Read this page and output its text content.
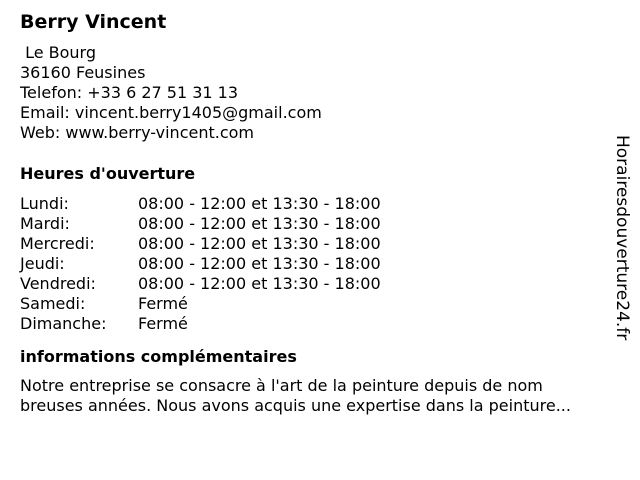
Berry Vincent
Le Bourg
36160 Feusines
Telefon: +33 6 27 51 31 13
Email: vincent.berry1405@gmail.com
Web: www.berry-vincent.com
Heures d'ouverture
Lundi:	08:00 - 12:00 et 13:30 - 18:00
Mardi:	08:00 - 12:00 et 13:30 - 18:00
Mercredi:	08:00 - 12:00 et 13:30 - 18:00
Jeudi:	08:00 - 12:00 et 13:30 - 18:00
Vendredi:	08:00 - 12:00 et 13:30 - 18:00
Samedi:	Fermé
Dimanche:	Fermé
informations complémentaires
Notre entreprise se consacre à l'art de la peinture depuis de nom
breuses années. Nous avons acquis une expertise dans la peinture...
Horairesdouverture24.fr
